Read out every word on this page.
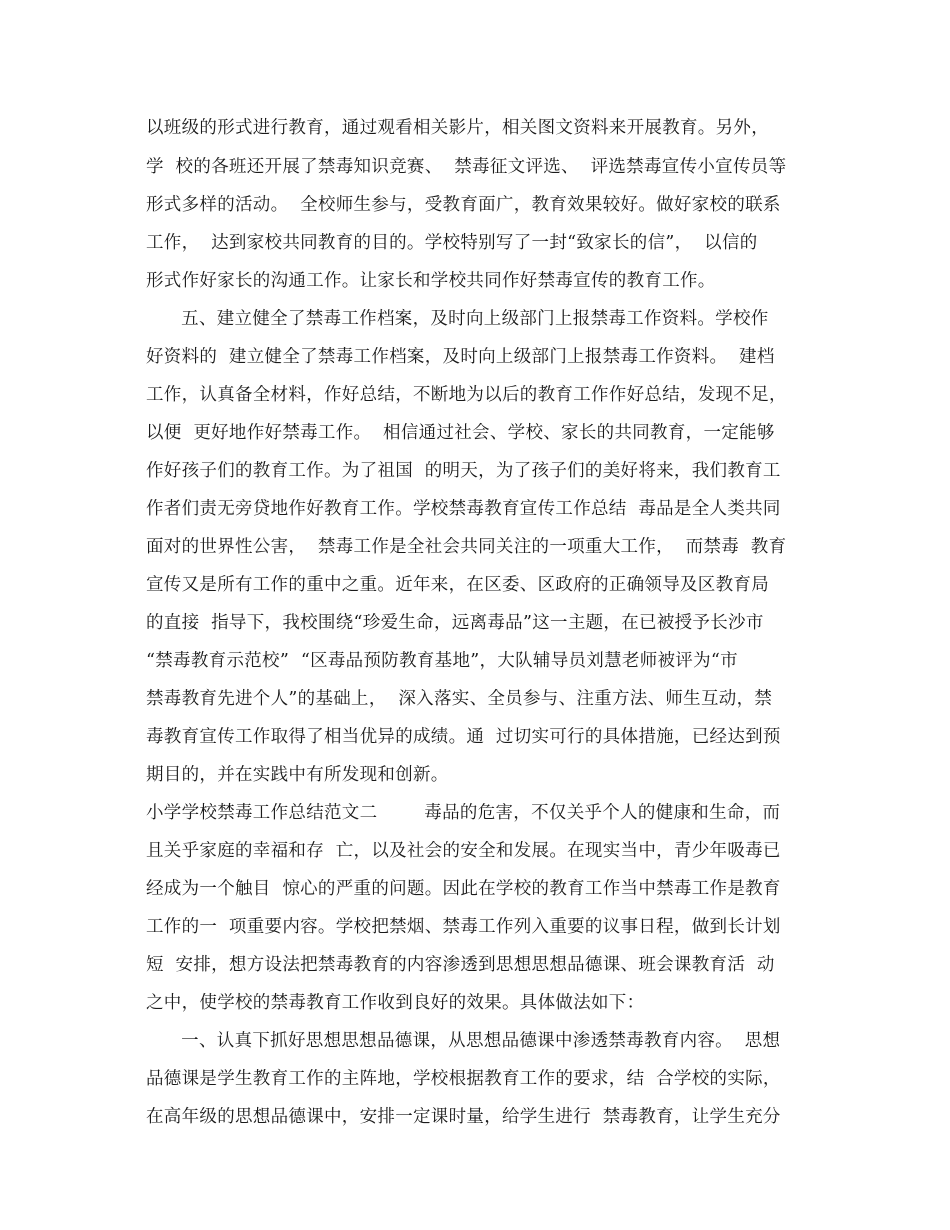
以班级的形式进行教育，通过观看相关影片，相关图文资料来开展教育。另外，
学  校的各班还开展了禁毒知识竞赛、  禁毒征文评选、  评选禁毒宣传小宣传员等
形式多样的活动。  全校师生参与，受教育面广，教育效果较好。做好家校的联系
工作，  达到家校共同教育的目的。学校特别写了一封“致家长的信”，  以信的
形式作好家长的沟通工作。让家长和学校共同作好禁毒宣传的教育工作。
五、建立健全了禁毒工作档案，及时向上级部门上报禁毒工作资料。学校作
好资料的  建立健全了禁毒工作档案，及时向上级部门上报禁毒工作资料。  建档
工作，认真备全材料，作好总结，不断地为以后的教育工作作好总结，发现不足，
以便  更好地作好禁毒工作。  相信通过社会、学校、家长的共同教育，一定能够
作好孩子们的教育工作。为了祖国  的明天，为了孩子们的美好将来，我们教育工
作者们责无旁贷地作好教育工作。学校禁毒教育宣传工作总结  毒品是全人类共同
面对的世界性公害，  禁毒工作是全社会共同关注的一项重大工作，  而禁毒  教育
宣传又是所有工作的重中之重。近年来，在区委、区政府的正确领导及区教育局
的直接  指导下，我校围绕“珍爱生命，远离毒品”这一主题，在已被授予长沙市
“禁毒教育示范校”  “区毒品预防教育基地”，大队辅导员刘慧老师被评为“市
禁毒教育先进个人”的基础上，  深入落实、全员参与、注重方法、师生互动，禁
毒教育宣传工作取得了相当优异的成绩。通  过切实可行的具体措施，已经达到预
期目的，并在实践中有所发现和创新。
小学学校禁毒工作总结范文二        毒品的危害，不仅关乎个人的健康和生命，而
且关乎家庭的幸福和存  亡，以及社会的安全和发展。在现实当中，青少年吸毒已
经成为一个触目  惊心的严重的问题。因此在学校的教育工作当中禁毒工作是教育
工作的一  项重要内容。学校把禁烟、禁毒工作列入重要的议事日程，做到长计划
短  安排，想方设法把禁毒教育的内容渗透到思想思想品德课、班会课教育活  动
之中，使学校的禁毒教育工作收到良好的效果。具体做法如下：
一、认真下抓好思想思想品德课，从思想品德课中渗透禁毒教育内容。  思想
品德课是学生教育工作的主阵地，学校根据教育工作的要求，结  合学校的实际，
在高年级的思想品德课中，安排一定课时量，给学生进行  禁毒教育，让学生充分
